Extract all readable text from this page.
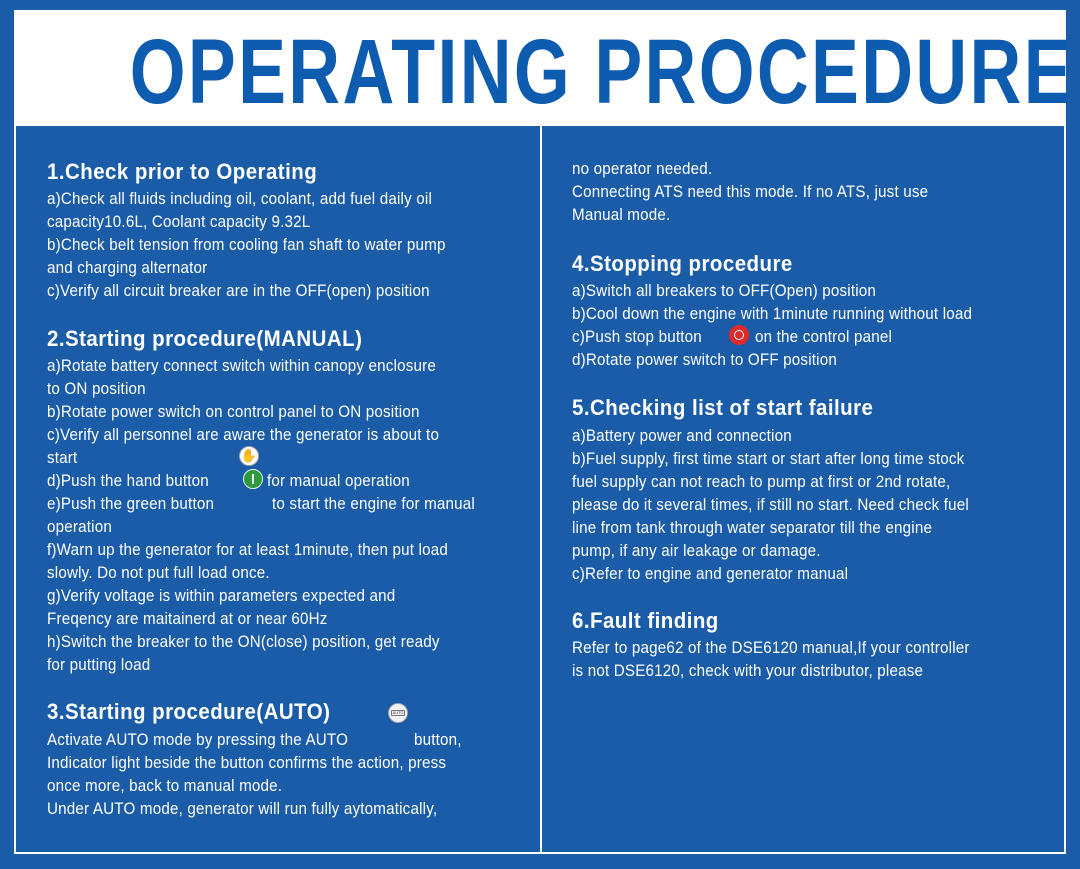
OPERATING PROCEDURE
1.Check prior to Operating
a)Check all fluids including oil, coolant, add fuel daily oil
capacity10.6L, Coolant capacity 9.32L
b)Check belt tension from cooling fan shaft to water pump
and charging alternator
c)Verify all circuit breaker are in the OFF(open) position
2.Starting procedure(MANUAL)
a)Rotate battery connect switch within canopy enclosure
to ON position
b)Rotate power switch on control panel to ON position
c)Verify all personnel are aware the generator is about to
start	✋
d)Push the hand button	for manual operation
e)Push the green button	to start the engine for manual
operation
f)Warn up the generator for at least 1minute, then put load
slowly. Do not put full load once.
g)Verify voltage is within parameters expected and
Freqency are maitainerd at or near 60Hz
h)Switch the breaker to the ON(close) position, get ready
for putting load
3.Starting procedure(AUTO)	AUTO
Activate AUTO mode by pressing the AUTO	button,
Indicator light beside the button confirms the action, press
once more, back to manual mode.
Under AUTO mode, generator will run fully aytomatically,
no operator needed.
Connecting ATS need this mode. If no ATS, just use
Manual mode.
4.Stopping procedure
a)Switch all breakers to OFF(Open) position
b)Cool down the engine with 1minute running without load
c)Push stop button	on the control panel
d)Rotate power switch to OFF position
5.Checking list of start failure
a)Battery power and connection
b)Fuel supply, first time start or start after long time stock
fuel supply can not reach to pump at first or 2nd rotate,
please do it several times, if still no start. Need check fuel
line from tank through water separator till the engine
pump, if any air leakage or damage.
c)Refer to engine and generator manual
6.Fault finding
Refer to page62 of the DSE6120 manual,If your controller
is not DSE6120, check with your distributor, please
